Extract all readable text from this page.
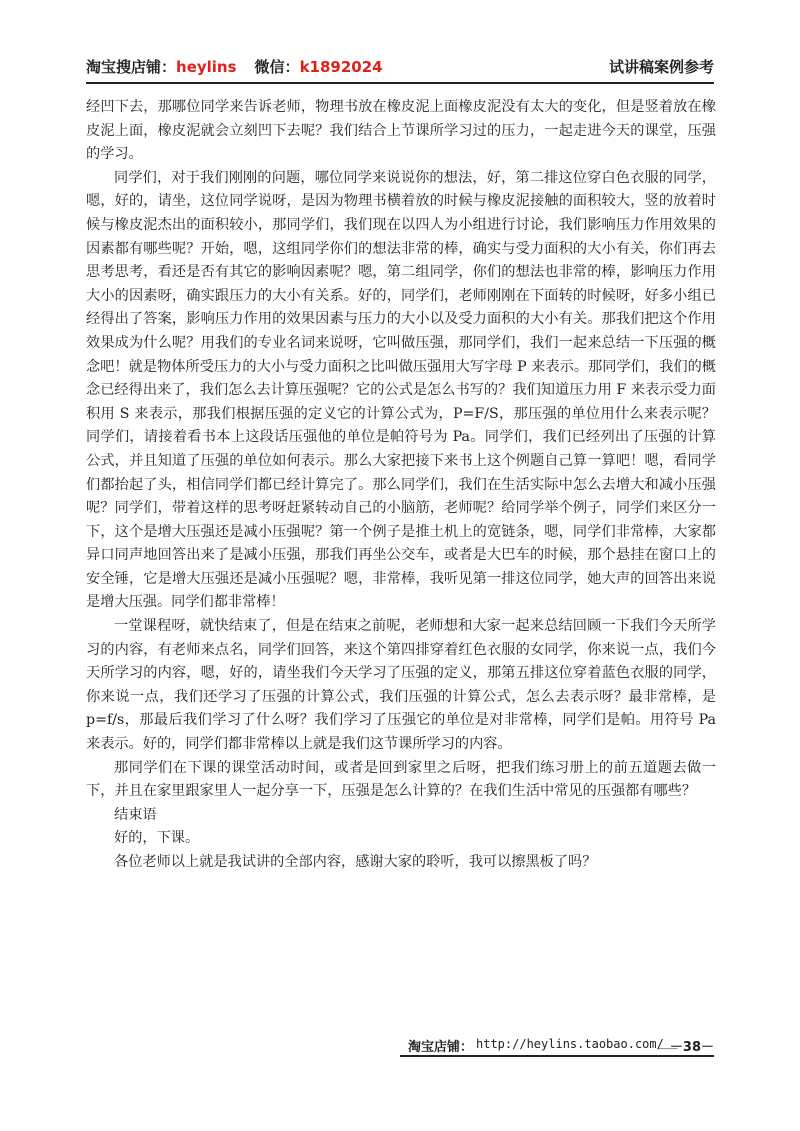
淘宝搜店铺：heylins 微信：k1892024	试讲稿案例参考

经凹下去，那哪位同学来告诉老师，物理书放在橡皮泥上面橡皮泥没有太大的变化，但是竖着放在橡皮泥上面，橡皮泥就会立刻凹下去呢？我们结合上节课所学习过的压力，一起走进今天的课堂，压强的学习。

同学们，对于我们刚刚的问题，哪位同学来说说你的想法，好，第二排这位穿白色衣服的同学，嗯，好的，请坐，这位同学说呀，是因为物理书横着放的时候与橡皮泥接触的面积较大，竖的放着时候与橡皮泥杰出的面积较小，那同学们，我们现在以四人为小组进行讨论，我们影响压力作用效果的因素都有哪些呢？开始，嗯，这组同学你们的想法非常的棒，确实与受力面积的大小有关，你们再去思考思考，看还是否有其它的影响因素呢？嗯，第二组同学，你们的想法也非常的棒，影响压力作用大小的因素呀，确实跟压力的大小有关系。好的，同学们，老师刚刚在下面转的时候呀，好多小组已经得出了答案，影响压力作用的效果因素与压力的大小以及受力面积的大小有关。那我们把这个作用效果成为什么呢？用我们的专业名词来说呀，它叫做压强，那同学们，我们一起来总结一下压强的概念吧！就是物体所受压力的大小与受力面积之比叫做压强用大写字母 P 来表示。那同学们，我们的概念已经得出来了，我们怎么去计算压强呢？它的公式是怎么书写的？我们知道压力用 F 来表示受力面积用 S 来表示，那我们根据压强的定义它的计算公式为，P=F/S，那压强的单位用什么来表示呢？同学们，请接着看书本上这段话压强他的单位是帕符号为 Pa。同学们，我们已经列出了压强的计算公式，并且知道了压强的单位如何表示。那么大家把接下来书上这个例题自己算一算吧！嗯，看同学们都抬起了头，相信同学们都已经计算完了。那么同学们，我们在生活实际中怎么去增大和减小压强呢？同学们，带着这样的思考呀赶紧转动自己的小脑筋，老师呢？给同学举个例子，同学们来区分一下，这个是增大压强还是减小压强呢？第一个例子是推土机上的宽链条，嗯，同学们非常棒，大家都异口同声地回答出来了是减小压强，那我们再坐公交车，或者是大巴车的时候，那个悬挂在窗口上的安全锤，它是增大压强还是减小压强呢？嗯，非常棒，我听见第一排这位同学，她大声的回答出来说是增大压强。同学们都非常棒！

一堂课程呀，就快结束了，但是在结束之前呢，老师想和大家一起来总结回顾一下我们今天所学习的内容，有老师来点名，同学们回答，来这个第四排穿着红色衣服的女同学，你来说一点，我们今天所学习的内容，嗯，好的，请坐我们今天学习了压强的定义，那第五排这位穿着蓝色衣服的同学，你来说一点，我们还学习了压强的计算公式，我们压强的计算公式，怎么去表示呀？最非常棒，是 p=f/s，那最后我们学习了什么呀？我们学习了压强它的单位是对非常棒，同学们是帕。用符号 Pa 来表示。好的，同学们都非常棒以上就是我们这节课所学习的内容。

那同学们在下课的课堂活动时间，或者是回到家里之后呀，把我们练习册上的前五道题去做一下，并且在家里跟家里人一起分享一下，压强是怎么计算的？在我们生活中常见的压强都有哪些？

结束语

好的，下课。

各位老师以上就是我试讲的全部内容，感谢大家的聆听，我可以擦黑板了吗？

淘宝店铺： http://heylins.taobao.com/
___
－38－
